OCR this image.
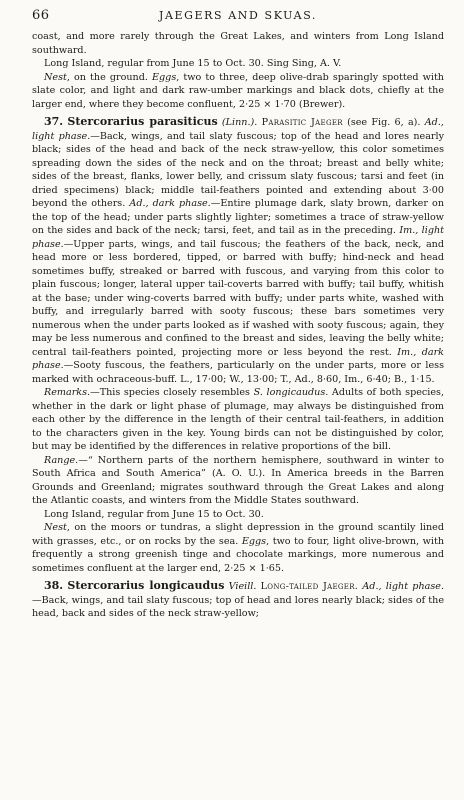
66	JAEGERS AND SKUAS.

coast, and more rarely through the Great Lakes, and winters from Long Island southward.

Long Island, regular from June 15 to Oct. 30. Sing Sing, A. V.

Nest, on the ground. Eggs, two to three, deep olive-drab sparingly spotted with slate color, and light and dark raw-umber markings and black dots, chiefly at the larger end, where they become confluent, 2·25 × 1·70 (Brewer).

37. Stercorarius parasiticus (Linn.). Parasitic Jaeger (see Fig. 6, a). Ad., light phase.—Back, wings, and tail slaty fuscous; top of the head and lores nearly black; sides of the head and back of the neck straw-yellow, this color sometimes spreading down the sides of the neck and on the throat; breast and belly white; sides of the breast, flanks, lower belly, and crissum slaty fuscous; tarsi and feet (in dried specimens) black; middle tail-feathers pointed and extending about 3·00 beyond the others. Ad., dark phase.—Entire plumage dark, slaty brown, darker on the top of the head; under parts slightly lighter; sometimes a trace of straw-yellow on the sides and back of the neck; tarsi, feet, and tail as in the preceding. Im., light phase.—Upper parts, wings, and tail fuscous; the feathers of the back, neck, and head more or less bordered, tipped, or barred with buffy; hind-neck and head sometimes buffy, streaked or barred with fuscous, and varying from this color to plain fuscous; longer, lateral upper tail-coverts barred with buffy; tail buffy, whitish at the base; under wing-coverts barred with buffy; under parts white, washed with buffy, and irregularly barred with sooty fuscous; these bars sometimes very numerous when the under parts looked as if washed with sooty fuscous; again, they may be less numerous and confined to the breast and sides, leaving the belly white; central tail-feathers pointed, projecting more or less beyond the rest. Im., dark phase.—Sooty fuscous, the feathers, particularly on the under parts, more or less marked with ochraceous-buff. L., 17·00; W., 13·00; T., Ad., 8·60, Im., 6·40; B., 1·15.

Remarks.—This species closely resembles S. longicaudus. Adults of both species, whether in the dark or light phase of plumage, may always be distinguished from each other by the difference in the length of their central tail-feathers, in addition to the characters given in the key. Young birds can not be distinguished by color, but may be identified by the differences in relative proportions of the bill.

Range.—“ Northern parts of the northern hemisphere, southward in winter to South Africa and South America” (A. O. U.). In America breeds in the Barren Grounds and Greenland; migrates southward through the Great Lakes and along the Atlantic coasts, and winters from the Middle States southward.

Long Island, regular from June 15 to Oct. 30.

Nest, on the moors or tundras, a slight depression in the ground scantily lined with grasses, etc., or on rocks by the sea. Eggs, two to four, light olive-brown, with frequently a strong greenish tinge and chocolate markings, more numerous and sometimes confluent at the larger end, 2·25 × 1·65.

38. Stercorarius longicaudus Vieill. Long-tailed Jaeger. Ad., light phase.—Back, wings, and tail slaty fuscous; top of head and lores nearly black; sides of the head, back and sides of the neck straw-yellow;
